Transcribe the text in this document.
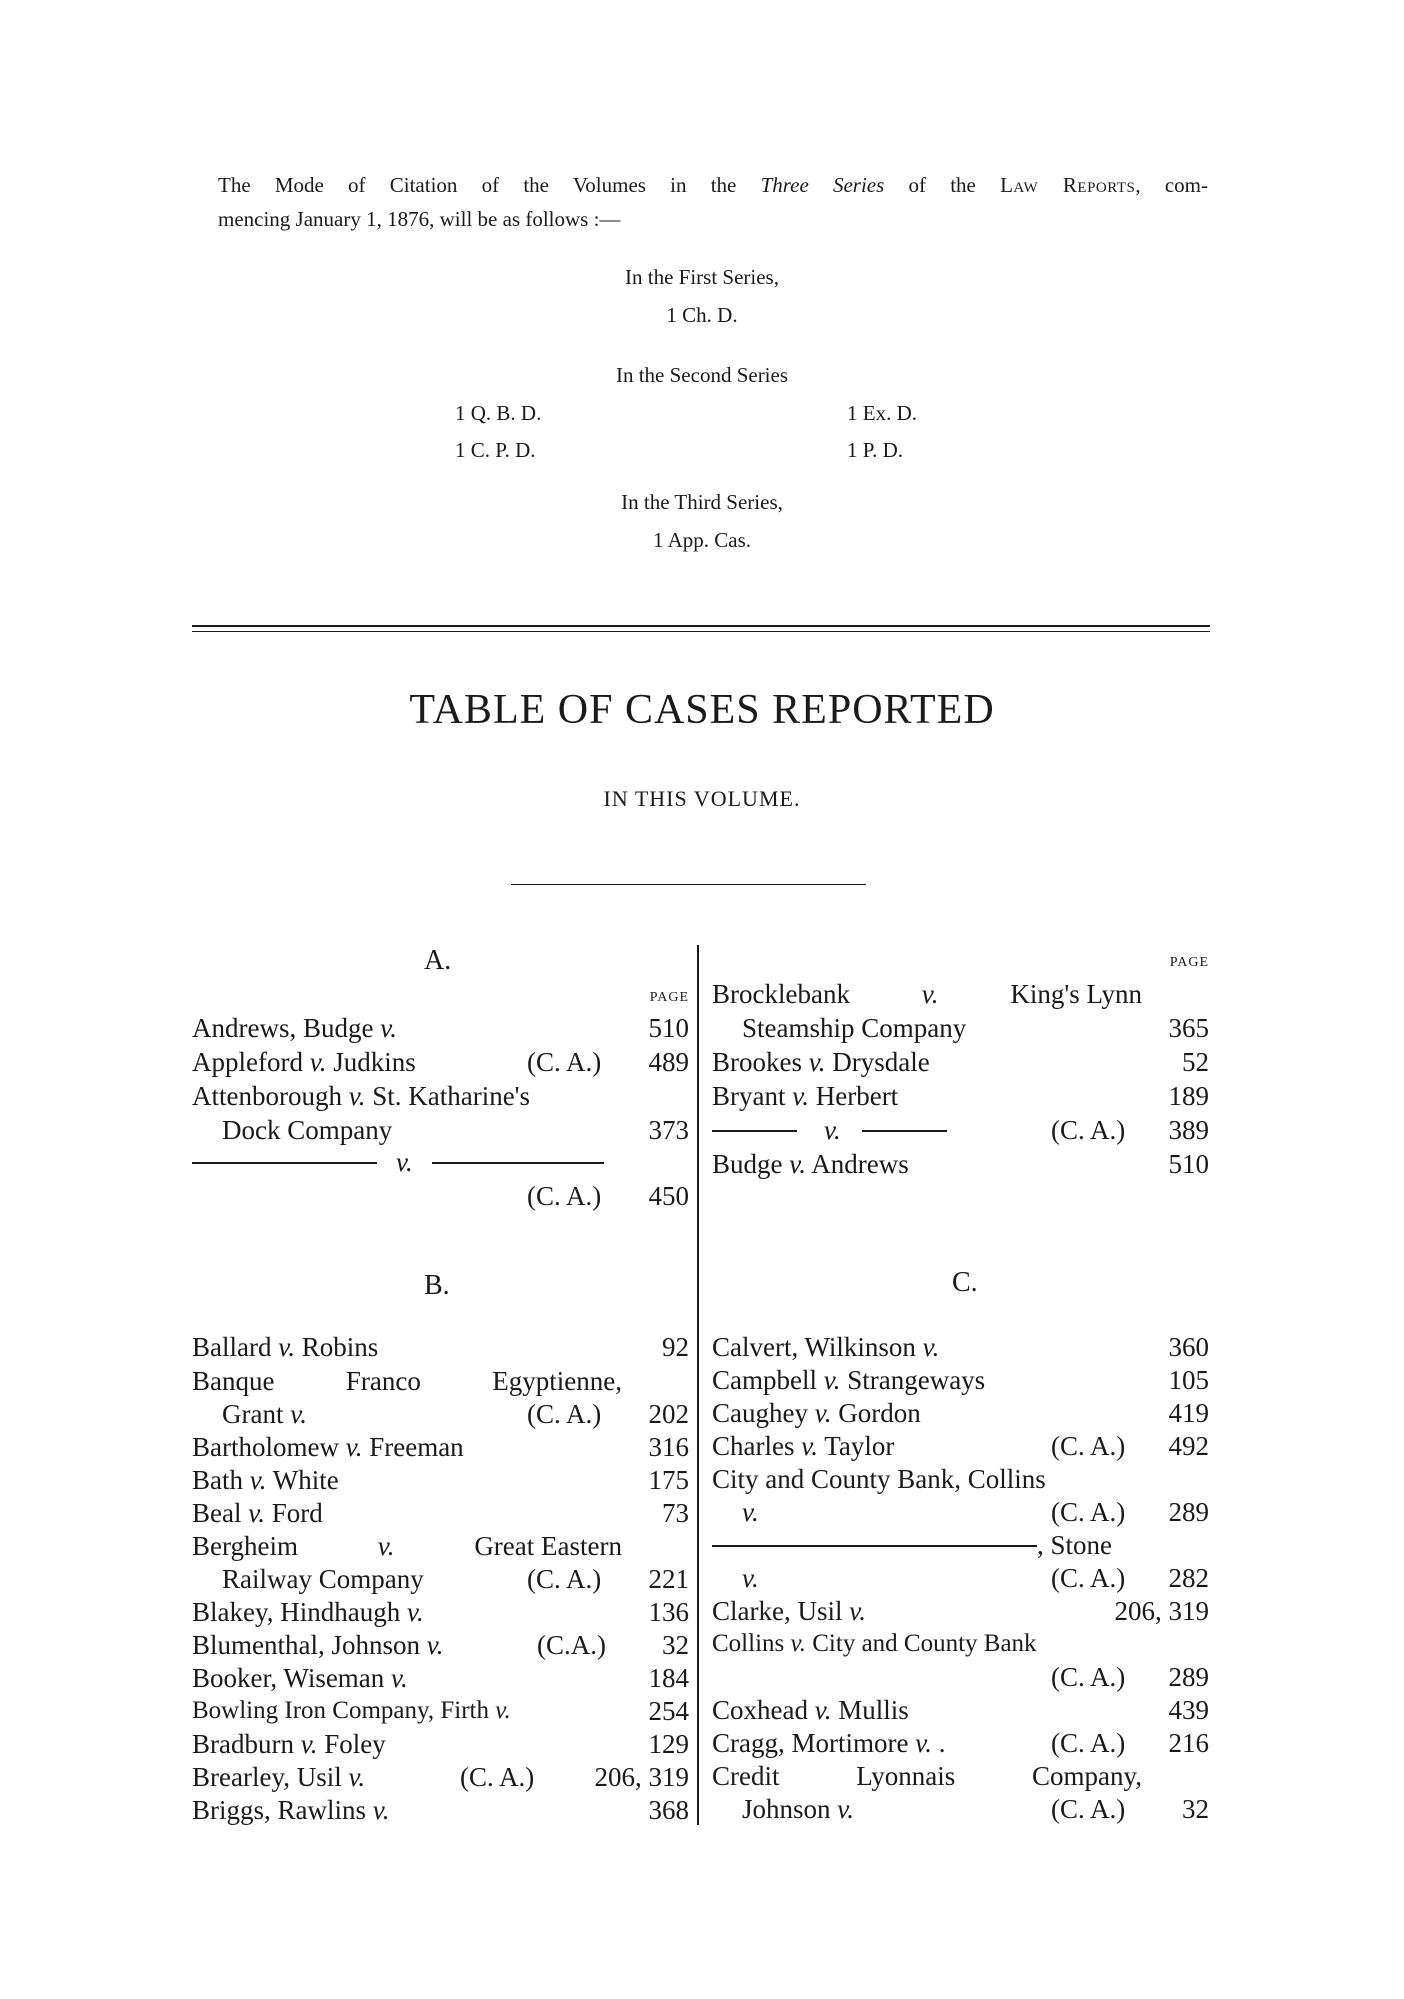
The Mode of Citation of the Volumes in the Three Series of the Law Reports, com-
mencing January 1, 1876, will be as follows :—
In the First Series,
1 Ch. D.
In the Second Series
1 Q. B. D.	1 Ex. D.
1 C. P. D.	1 P. D.
In the Third Series,
1 App. Cas.
TABLE OF CASES REPORTED
IN THIS VOLUME.
A.
PAGE
Andrews, Budge v.	510
Appleford v. Judkins	(C. A.) 489
Attenborough v. St. Katharine's
Dock Company	373
v.
(C. A.) 450
B.
Ballard v. Robins	92
Banque Franco Egyptienne,
Grant v.	(C. A.) 202
Bartholomew v. Freeman	316
Bath v. White	175
Beal v. Ford	73
Bergheim	v.	Great Eastern
Railway Company	(C. A.) 221
Blakey, Hindhaugh v.	136
Blumenthal, Johnson v.	(C.A.) 32
Booker, Wiseman v.	184
Bowling Iron Company, Firth v.	254
Bradburn v. Foley	129
Brearley, Usil v.	(C. A.) 206, 319
Briggs, Rawlins v.	368
PAGE
Brocklebank	v.	King's Lynn
Steamship Company	365
Brookes v. Drysdale	52
Bryant v. Herbert	189
v.	(C. A.) 389
Budge v. Andrews	510
C.
Calvert, Wilkinson v.	360
Campbell v. Strangeways	105
Caughey v. Gordon	419
Charles v. Taylor	(C. A.) 492
City and County Bank, Collins
v.	(C. A.) 289
, Stone
v.	(C. A.) 282
Clarke, Usil v.	206, 319
Collins v. City and County Bank
(C. A.) 289
Coxhead v. Mullis	439
Cragg, Mortimore v. .	(C. A.) 216
Credit Lyonnais Company,
Johnson v.	(C. A.) 32
